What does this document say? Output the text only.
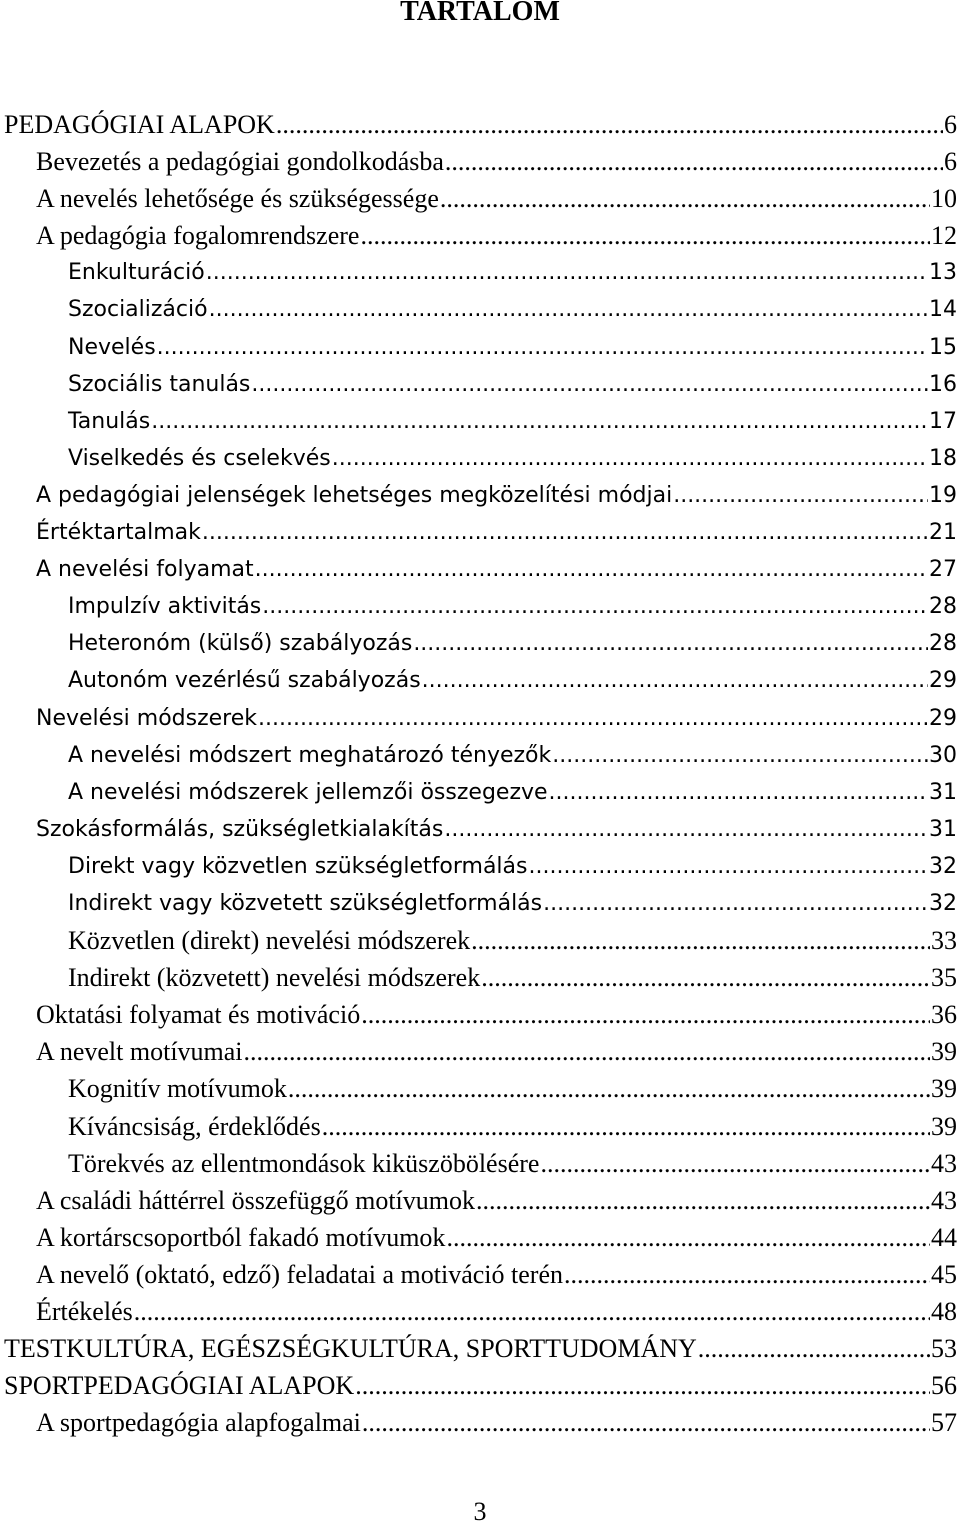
TARTALOM
PEDAGÓGIAI ALAPOK .....	6
Bevezetés a pedagógiai gondolkodásba .....	6
A nevelés lehetősége és szükségessége .....	10
A pedagógia fogalomrendszere .....	12
Enkulturáció .....	13
Szocializáció .....	14
Nevelés .....	15
Szociális tanulás .....	16
Tanulás .....	17
Viselkedés és cselekvés .....	18
A pedagógiai jelenségek lehetséges megközelítési módjai .....	19
Értéktartalmak .....	21
A nevelési folyamat .....	27
Impulzív aktivitás .....	28
Heteronóm (külső) szabályozás .....	28
Autonóm vezérlésű szabályozás .....	29
Nevelési módszerek .....	29
A nevelési módszert meghatározó tényezők .....	30
A nevelési módszerek jellemzői összegezve .....	31
Szokásformálás, szükségletkialakítás .....	31
Direkt vagy közvetlen szükségletformálás .....	32
Indirekt vagy közvetett szükségletformálás .....	32
Közvetlen (direkt) nevelési módszerek .....	33
Indirekt (közvetett) nevelési módszerek .....	35
Oktatási folyamat és motiváció .....	36
A nevelt motívumai .....	39
Kognitív motívumok .....	39
Kíváncsiság, érdeklődés .....	39
Törekvés az ellentmondások kiküszöbölésére .....	43
A családi háttérrel összefüggő motívumok .....	43
A kortárscsoportból fakadó motívumok .....	44
A nevelő (oktató, edző) feladatai a motiváció terén .....	45
Értékelés .....	48
TESTKULTÚRA, EGÉSZSÉGKULTÚRA, SPORTTUDOMÁNY .....	53
SPORTPEDAGÓGIAI ALAPOK .....	56
A sportpedagógia alapfogalmai .....	57
3
